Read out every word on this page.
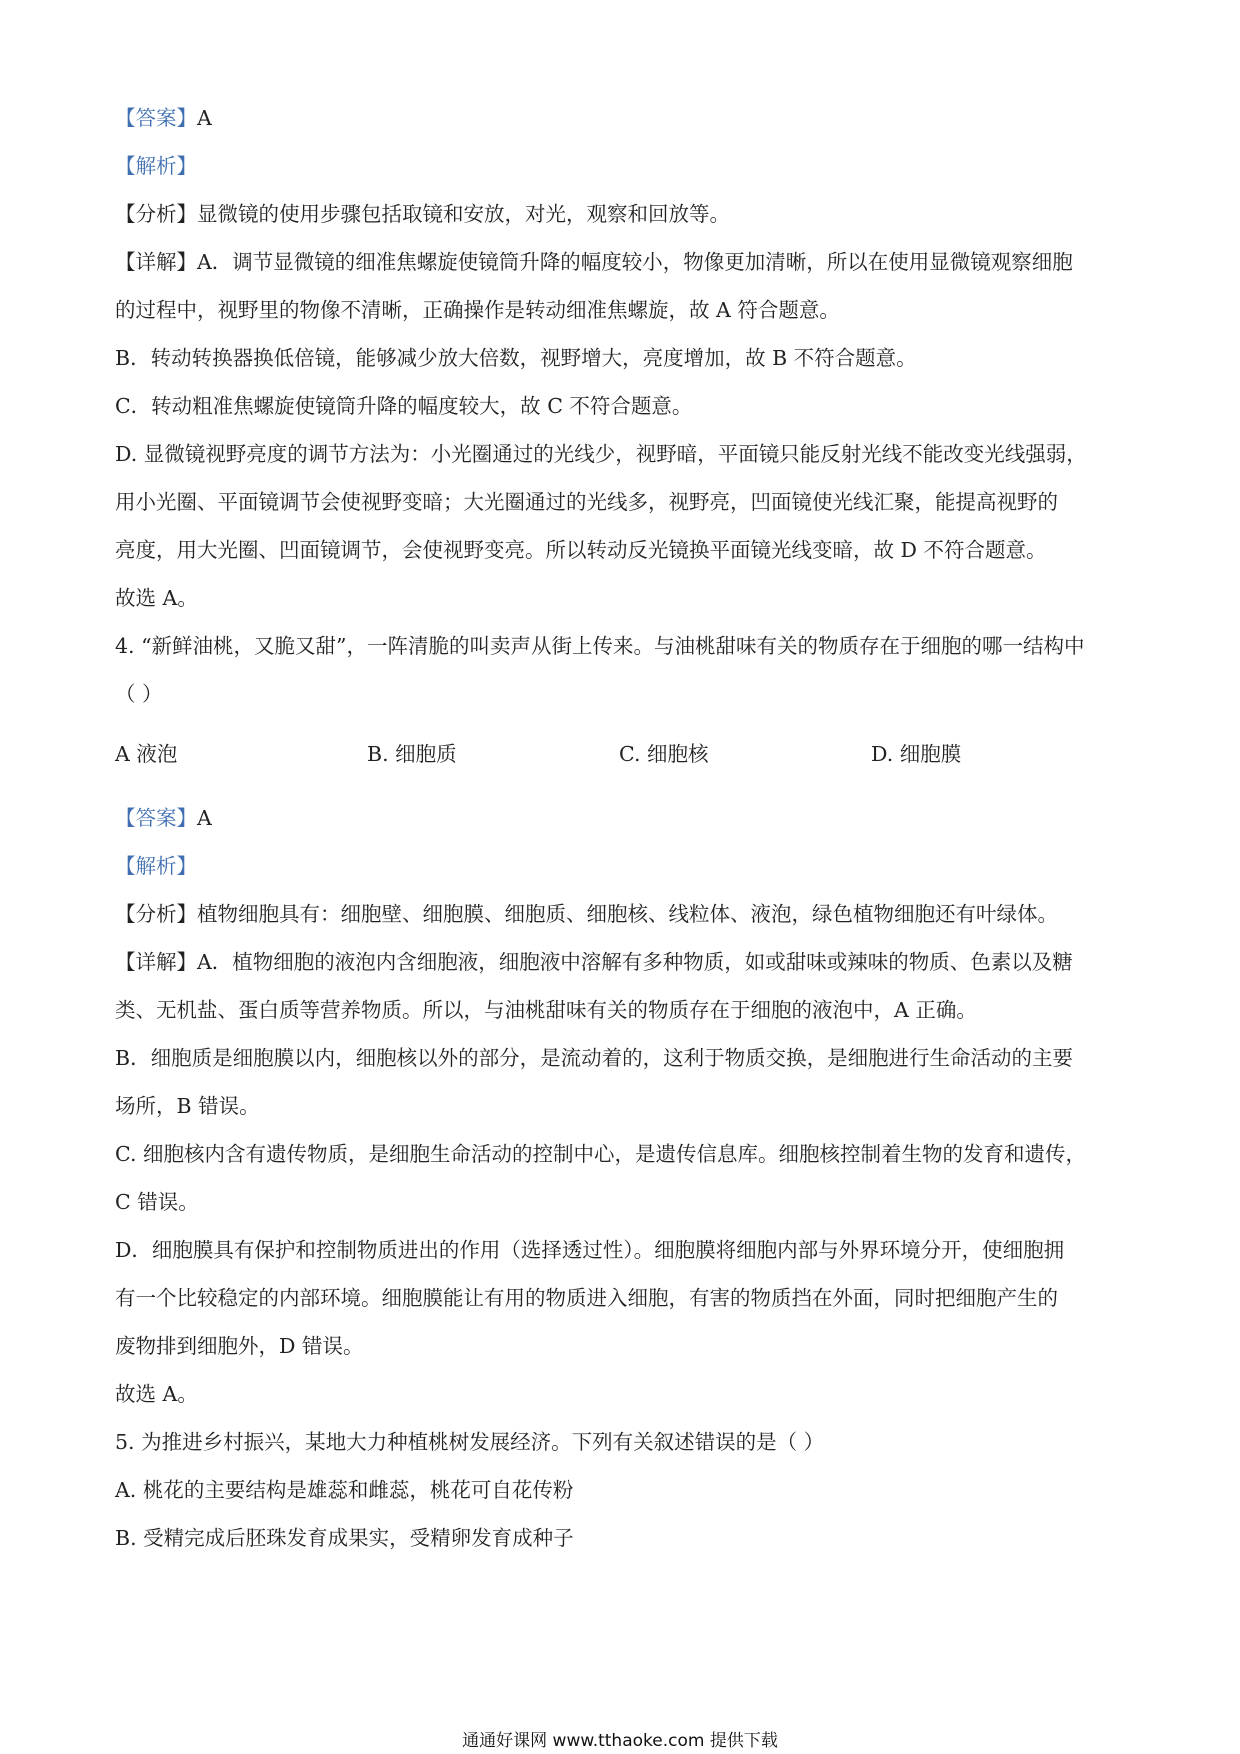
【答案】A
【解析】
【分析】显微镜的使用步骤包括取镜和安放，对光，观察和回放等。
【详解】A．调节显微镜的细准焦螺旋使镜筒升降的幅度较小，物像更加清晰，所以在使用显微镜观察细胞
的过程中，视野里的物像不清晰，正确操作是转动细准焦螺旋，故 A 符合题意。
B．转动转换器换低倍镜，能够减少放大倍数，视野增大，亮度增加，故 B 不符合题意。
C．转动粗准焦螺旋使镜筒升降的幅度较大，故 C 不符合题意。
D. 显微镜视野亮度的调节方法为：小光圈通过的光线少，视野暗，平面镜只能反射光线不能改变光线强弱，
用小光圈、平面镜调节会使视野变暗；大光圈通过的光线多，视野亮，凹面镜使光线汇聚，能提高视野的
亮度，用大光圈、凹面镜调节，会使视野变亮。所以转动反光镜换平面镜光线变暗，故 D 不符合题意。
故选 A。
4. “新鲜油桃，又脆又甜”，一阵清脆的叫卖声从街上传来。与油桃甜味有关的物质存在于细胞的哪一结构中
（ ）
A 液泡	B. 细胞质	C. 细胞核	D. 细胞膜
【答案】A
【解析】
【分析】植物细胞具有：细胞壁、细胞膜、细胞质、细胞核、线粒体、液泡，绿色植物细胞还有叶绿体。
【详解】A．植物细胞的液泡内含细胞液，细胞液中溶解有多种物质，如或甜味或辣味的物质、色素以及糖
类、无机盐、蛋白质等营养物质。所以，与油桃甜味有关的物质存在于细胞的液泡中，A 正确。
B．细胞质是细胞膜以内，细胞核以外的部分，是流动着的，这利于物质交换，是细胞进行生命活动的主要
场所，B 错误。
C. 细胞核内含有遗传物质，是细胞生命活动的控制中心，是遗传信息库。细胞核控制着生物的发育和遗传，
C 错误。
D．细胞膜具有保护和控制物质进出的作用（选择透过性）。细胞膜将细胞内部与外界环境分开，使细胞拥
有一个比较稳定的内部环境。细胞膜能让有用的物质进入细胞，有害的物质挡在外面，同时把细胞产生的
废物排到细胞外，D 错误。
故选 A。
5. 为推进乡村振兴，某地大力种植桃树发展经济。下列有关叙述错误的是（ ）
A. 桃花的主要结构是雄蕊和雌蕊，桃花可自花传粉
B. 受精完成后胚珠发育成果实，受精卵发育成种子
通通好课网 www.tthaoke.com 提供下载
